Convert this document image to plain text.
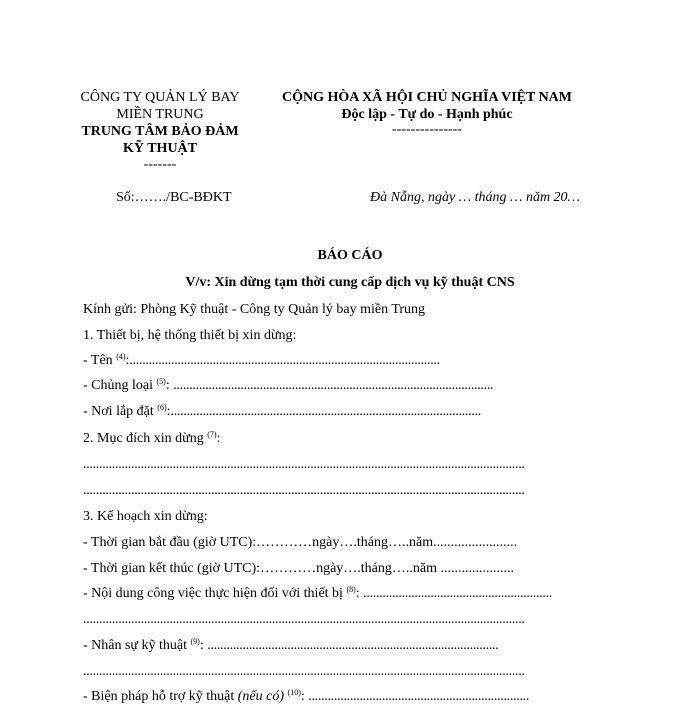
CÔNG TY QUẢN LÝ BAY
MIỀN TRUNG
TRUNG TÂM BẢO ĐẢM
KỸ THUẬT
-------
CỘNG HÒA XÃ HỘI CHỦ NGHĨA VIỆT NAM
Độc lập - Tự do - Hạnh phúc
---------------
Số:……./BC-BĐKT	Đà Nẵng, ngày … tháng … năm 20…
BÁO CÁO
V/v: Xin dừng tạm thời cung cấp dịch vụ kỹ thuật CNS
Kính gửi: Phòng Kỹ thuật - Công ty Quản lý bay miền Trung
1. Thiết bị, hệ thống thiết bị xin dừng:
- Tên $^{(4)}$:.................................................................................................
- Chủng loại $^{(5)}$: ....................................................................................................
- Nơi lắp đặt $^{(6)}$:.................................................................................................
2. Mục đích xin dừng $^{(7)}$:
..........................................................................................................................................
..........................................................................................................................................
3. Kế hoạch xin dừng:
- Thời gian bắt đầu (giờ UTC):…………ngày….tháng…..năm........................
- Thời gian kết thúc (giờ UTC):…………ngày….tháng…..năm .....................
- Nội dung công việc thực hiện đối với thiết bị $^{(8)}$: ...........................................................
..........................................................................................................................................
- Nhân sự kỹ thuật $^{(9)}$: ...........................................................................................
..........................................................................................................................................
- Biện pháp hỗ trợ kỹ thuật (nếu có) $^{(10)}$: .....................................................................
